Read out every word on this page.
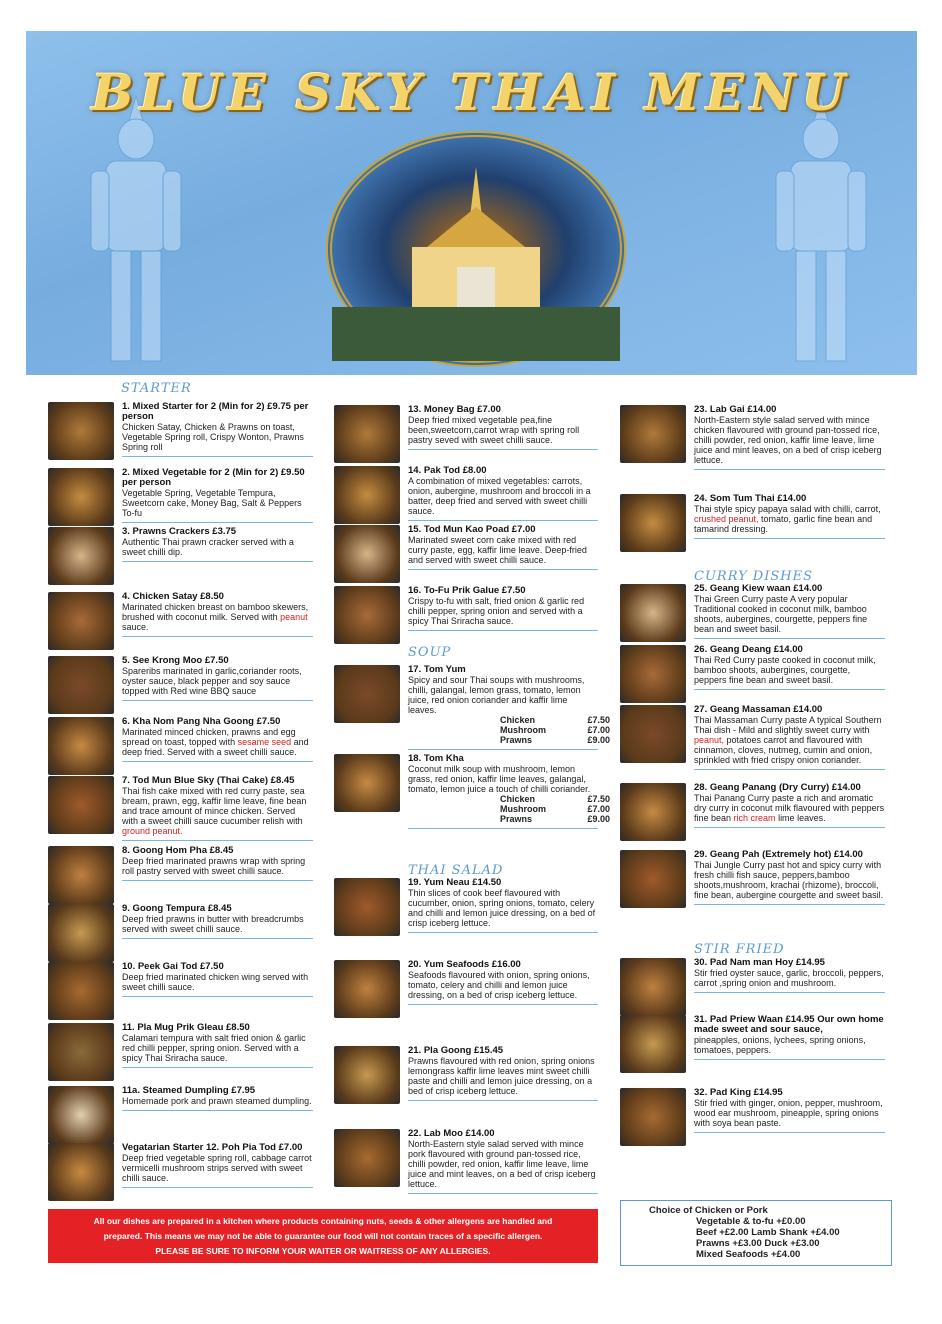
BLUE SKY THAI MENU
STARTER
SOUP
THAI SALAD
CURRY DISHES
STIR FRIED
1. Mixed Starter for 2 (Min for 2) £9.75 per person
Chicken Satay, Chicken & Prawns on toast, Vegetable Spring roll, Crispy Wonton, Prawns Spring roll
2. Mixed Vegetable for 2 (Min for 2) £9.50 per person
Vegetable Spring, Vegetable Tempura, Sweetcorn cake, Money Bag, Salt & Peppers To-fu
3. Prawns Crackers £3.75
Authentic Thai prawn cracker served with a sweet chilli dip.
4. Chicken Satay £8.50
Marinated chicken breast on bamboo skewers, brushed with coconut milk. Served with peanut sauce.
5. See Krong Moo £7.50
Spareribs marinated in garlic,coriander roots, oyster sauce, black pepper and soy sauce topped with Red wine BBQ sauce
6. Kha Nom Pang Nha Goong £7.50
Marinated minced chicken, prawns and egg spread on toast, topped with sesame seed and deep fried. Served with a sweet chilli sauce.
7. Tod Mun Blue Sky (Thai Cake) £8.45
Thai fish cake mixed with red curry paste, sea bream, prawn, egg, kaffir lime leave, fine bean and trace amount of mince chicken. Served with a sweet chilli sauce cucumber relish with ground peanut.
8. Goong Hom Pha £8.45
Deep fried marinated prawns wrap with spring roll pastry served with sweet chilli sauce.
9. Goong Tempura £8.45
Deep fried prawns in butter with breadcrumbs served with sweet chilli sauce.
10. Peek Gai Tod £7.50
Deep fried marinated chicken wing served with sweet chilli sauce.
11. Pla Mug Prik Gleau £8.50
Calamari tempura with salt fried onion & garlic red chilli pepper, spring onion. Served with a spicy Thai Sriracha sauce.
11a. Steamed Dumpling £7.95
Homemade pork and prawn steamed dumpling.
Vegatarian Starter 12. Poh Pia Tod £7.00
Deep fried vegetable spring roll, cabbage carrot vermicelli mushroom strips served with sweet chilli sauce.
13. Money Bag £7.00
Deep fried mixed vegetable pea,fine been,sweetcorn,carrot wrap with spring roll pastry seved with sweet chilli sauce.
14. Pak Tod £8.00
A combination of mixed vegetables: carrots, onion, aubergine, mushroom and broccoli in a batter, deep fried and served with sweet chilli sauce.
15. Tod Mun Kao Poad £7.00
Marinated sweet corn cake mixed with red curry paste, egg, kaffir lime leave. Deep-fried and served with sweet chilli sauce.
16. To-Fu Prik Galue £7.50
Crispy to-fu with salt, fried onion & garlic red chilli pepper, spring onion and served with a spicy Thai Sriracha sauce.
17. Tom Yum
Spicy and sour Thai soups with mushrooms, chilli, galangal, lemon grass, tomato, lemon juice, red onion coriander and kaffir lime leaves.
Chicken	£7.50
Mushroom	£7.00
Prawns	£9.00
18. Tom Kha
Coconut milk soup with mushroom, lemon grass, red onion, kaffir lime leaves, galangal, tomato, lemon juice a touch of chilli coriander.
Chicken	£7.50
Mushroom	£7.00
Prawns	£9.00
19. Yum Neau £14.50
Thin slices of cook beef flavoured with cucumber, onion, spring onions, tomato, celery and chilli and lemon juice dressing, on a bed of crisp iceberg lettuce.
20. Yum Seafoods £16.00
Seafoods flavoured with onion, spring onions, tomato, celery and chilli and lemon juice dressing, on a bed of crisp iceberg lettuce.
21. Pla Goong £15.45
Prawns flavoured with red onion, spring onions lemongrass kaffir lime leaves mint sweet chilli paste and chilli and lemon juice dressing, on a bed of crisp iceberg lettuce.
22. Lab Moo £14.00
North-Eastern style salad served with mince pork flavoured with ground pan-tossed rice, chilli powder, red onion, kaffir lime leave, lime juice and mint leaves, on a bed of crisp iceberg lettuce.
23. Lab Gai £14.00
North-Eastern style salad served with mince chicken flavoured with ground pan-tossed rice, chilli powder, red onion, kaffir lime leave, lime juice and mint leaves, on a bed of crisp iceberg lettuce.
24. Som Tum Thai £14.00
Thai style spicy papaya salad with chilli, carrot, crushed peanut, tomato, garlic fine bean and tamarind dressing.
25. Geang Kiew waan £14.00
Thai Green Curry paste A very popular Traditional cooked in coconut milk, bamboo shoots, aubergines, courgette, peppers fine bean and sweet basil.
26. Geang Deang £14.00
Thai Red Curry paste cooked in coconut milk, bamboo shoots, aubergines, courgette, peppers fine bean and sweet basil.
27. Geang Massaman £14.00
Thai Massaman Curry paste A typical Southern Thai dish - Mild and slightly sweet curry with peanut, potatoes carrot and flavoured with cinnamon, cloves, nutmeg, cumin and onion, sprinkled with fried crispy onion coriander.
28. Geang Panang (Dry Curry) £14.00
Thai Panang Curry paste a rich and aromatic dry curry in coconut milk flavoured with peppers fine bean rich cream lime leaves.
29. Geang Pah (Extremely hot) £14.00
Thai Jungle Curry past hot and spicy curry with fresh chilli fish sauce, peppers,bamboo shoots,mushroom, krachai (rhizome), broccoli, fine bean, aubergine courgette and sweet basil.
30. Pad Nam man Hoy £14.95
Stir fried oyster sauce, garlic, broccoli, peppers, carrot ,spring onion and mushroom.
31. Pad Priew Waan £14.95 Our own home made sweet and sour sauce,
pineapples, onions, lychees, spring onions, tomatoes, peppers.
32. Pad King £14.95
Stir fried with ginger, onion, pepper, mushroom, wood ear mushroom, pineapple, spring onions with soya bean paste.
All our dishes are prepared in a kitchen where products containing nuts, seeds & other allergens are handled and
prepared. This means we may not be able to guarantee our food will not contain traces of a specific allergen.
PLEASE BE SURE TO INFORM YOUR WAITER OR WAITRESS OF ANY ALLERGIES.
Choice of Chicken or Pork
Vegetable & to-fu +£0.00
Beef +£2.00 Lamb Shank +£4.00
Prawns +£3.00 Duck +£3.00
Mixed Seafoods +£4.00
